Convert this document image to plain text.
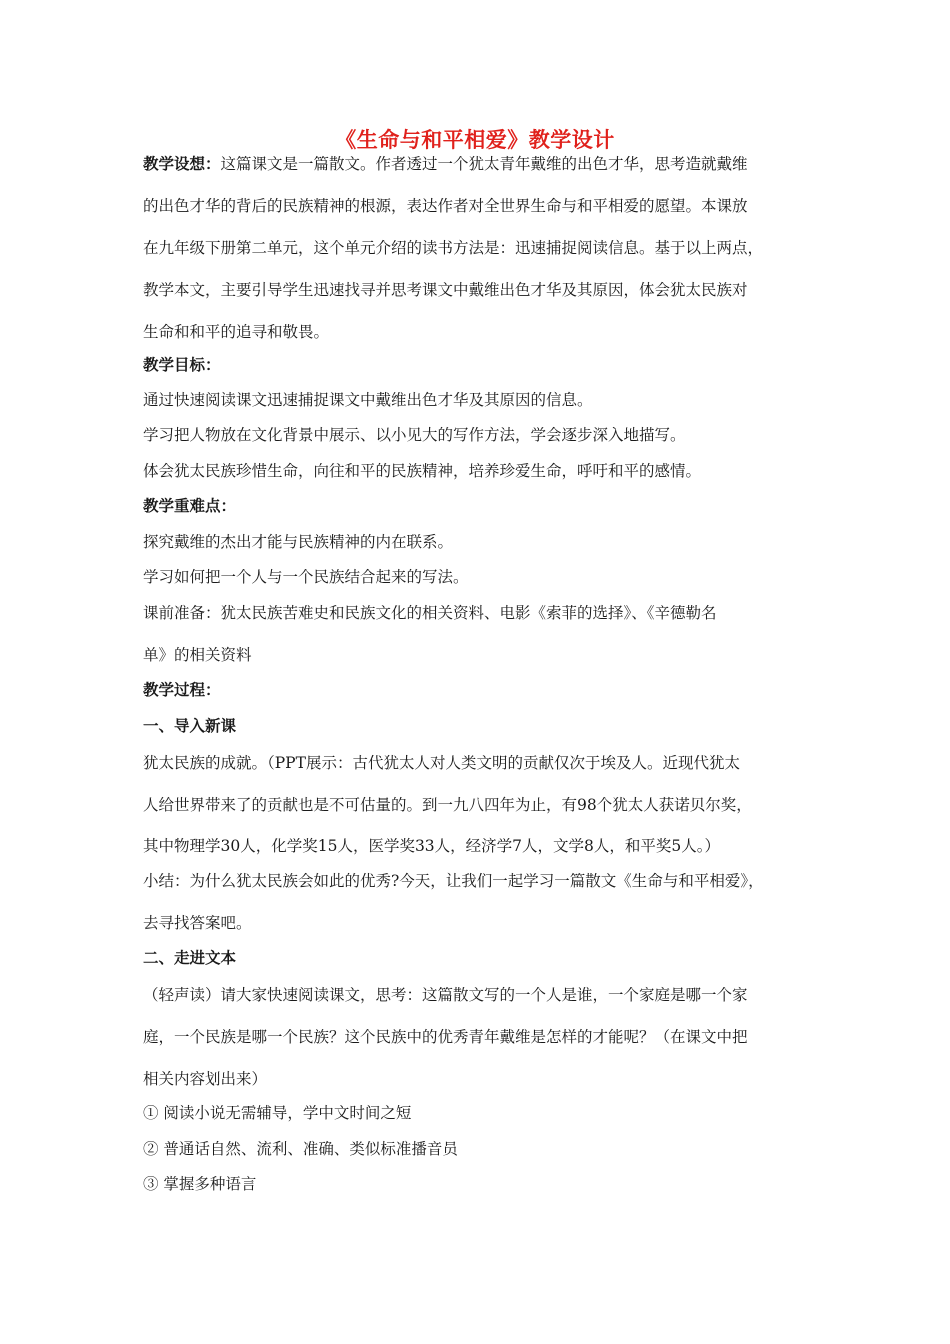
《生命与和平相爱》教学设计
教学设想：这篇课文是一篇散文。作者透过一个犹太青年戴维的出色才华，思考造就戴维
的出色才华的背后的民族精神的根源，表达作者对全世界生命与和平相爱的愿望。本课放
在九年级下册第二单元，这个单元介绍的读书方法是：迅速捕捉阅读信息。基于以上两点，
教学本文，主要引导学生迅速找寻并思考课文中戴维出色才华及其原因，体会犹太民族对
生命和和平的追寻和敬畏。
教学目标：
通过快速阅读课文迅速捕捉课文中戴维出色才华及其原因的信息。
学习把人物放在文化背景中展示、以小见大的写作方法，学会逐步深入地描写。
体会犹太民族珍惜生命，向往和平的民族精神，培养珍爱生命，呼吁和平的感情。
教学重难点：
探究戴维的杰出才能与民族精神的内在联系。
学习如何把一个人与一个民族结合起来的写法。
课前准备：犹太民族苦难史和民族文化的相关资料、电影《索菲的选择》、《辛德勒名
单》的相关资料
教学过程：
一、导入新课
犹太民族的成就。（PPT展示：古代犹太人对人类文明的贡献仅次于埃及人。近现代犹太
人给世界带来了的贡献也是不可估量的。到一九八四年为止，有98个犹太人获诺贝尔奖，
其中物理学30人，化学奖15人，医学奖33人，经济学7人，文学8人，和平奖5人。）
小结：为什么犹太民族会如此的优秀?今天，让我们一起学习一篇散文《生命与和平相爱》，
去寻找答案吧。
二、走进文本
（轻声读）请大家快速阅读课文，思考：这篇散文写的一个人是谁，一个家庭是哪一个家
庭，一个民族是哪一个民族？这个民族中的优秀青年戴维是怎样的才能呢？（在课文中把
相关内容划出来）
① 阅读小说无需辅导，学中文时间之短
② 普通话自然、流利、准确、类似标准播音员
③ 掌握多种语言
